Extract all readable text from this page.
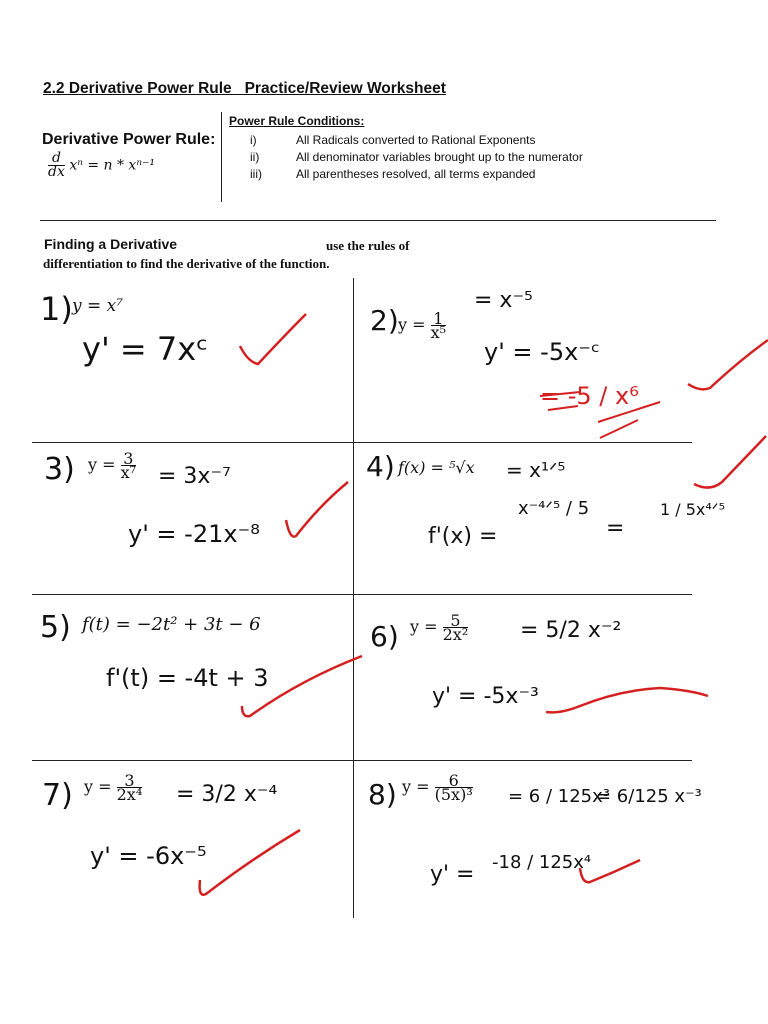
2.2 Derivative Power Rule   Practice/Review Worksheet
Derivative Power Rule:
$\frac{d}{dx}$ xⁿ = n * xⁿ⁻¹
Power Rule Conditions:
i)	All Radicals converted to Rational Exponents
ii)	All denominator variables brought up to the numerator
iii)	All parentheses resolved, all terms expanded
Finding a Derivative	use the rules of
differentiation to find the derivative of the function.
1) y = x⁷
y' = 7xᶜ
2) $y = \frac{1}{\text{x⁵}}$
= x⁻⁵
y' = -5x⁻ᶜ
= -5 / x⁶
3) $y = \frac{3}{\text{x⁷}} = 3x^{-7}$
y' = -21x⁻⁸
4) f(x) = ⁵√x = x¹ᐟ⁵
f'(x) =
x⁻⁴ᐟ⁵ / 5
=
1 / 5x⁴ᐟ⁵
5) f(t) = −2t² + 3t − 6
f'(t) = -4t + 3
6) $y = \frac{5}{\text{2x²}} = 5/2$ x⁻²
y' = -5x⁻³
7) $y = \frac{3}{\text{2x⁴}} = 3/2$ x⁻⁴
y' = -6x⁻⁵
8) $y = \frac{6}{\text{(5x)³}} = 6 / 125x^3$
= 6/125 x⁻³
y' = -18 / 125x⁴
